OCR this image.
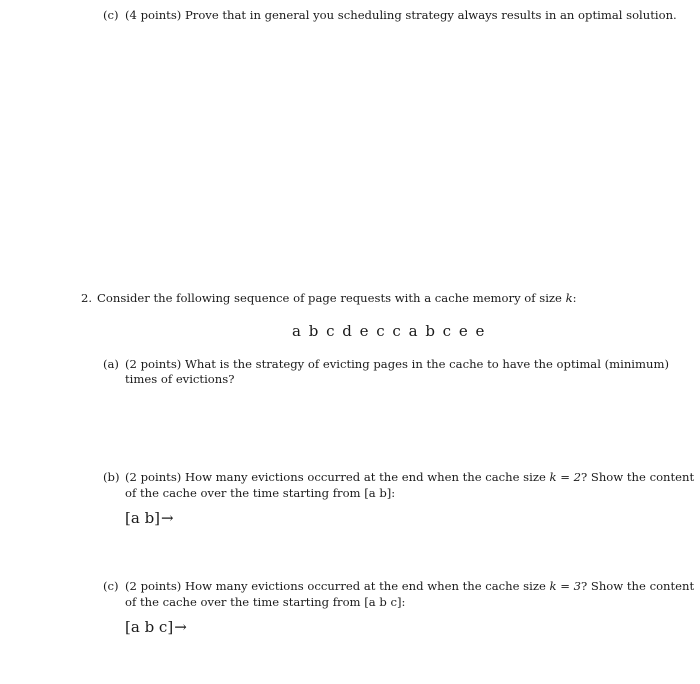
(c) (4 points) Prove that in general you scheduling strategy always results in an optimal solution.
2. Consider the following sequence of page requests with a cache memory of size k:
a b c d e c c a b c e e
(a) (2 points) What is the strategy of evicting pages in the cache to have the optimal (minimum)
times of evictions?
(b) (2 points) How many evictions occurred at the end when the cache size k = 2? Show the content
of the cache over the time starting from [a b]:
[a b]→
(c) (2 points) How many evictions occurred at the end when the cache size k = 3? Show the content
of the cache over the time starting from [a b c]:
[a b c]→
